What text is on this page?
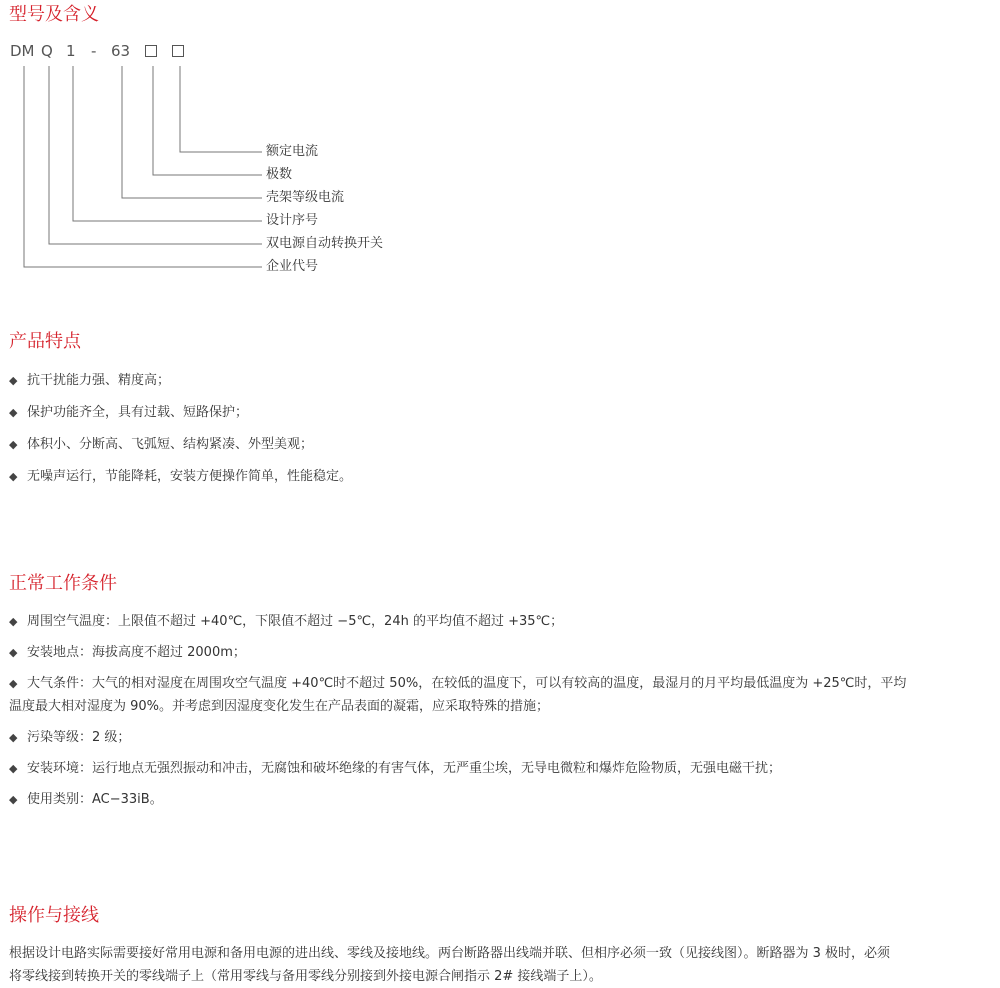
型号及含义
DM Q 1 - 63
额定电流
极数
壳架等级电流
设计序号
双电源自动转换开关
企业代号
产品特点
◆ 抗干扰能力强、精度高；
◆ 保护功能齐全，具有过载、短路保护；
◆ 体积小、分断高、飞弧短、结构紧凑、外型美观；
◆ 无噪声运行，节能降耗，安装方便操作简单，性能稳定。
正常工作条件
◆ 周围空气温度：上限值不超过 +40℃，下限值不超过 −5℃，24h 的平均值不超过 +35℃；
◆ 安装地点：海拔高度不超过 2000m；
◆ 大气条件：大气的相对湿度在周围攻空气温度 +40℃时不超过 50%，在较低的温度下，可以有较高的温度，最湿月的月平均最低温度为 +25℃时，平均
温度最大相对湿度为 90%。并考虑到因湿度变化发生在产品表面的凝霜，应采取特殊的措施；
◆ 污染等级：2 级；
◆ 安装环境：运行地点无强烈振动和冲击，无腐蚀和破坏绝缘的有害气体，无严重尘埃，无导电微粒和爆炸危险物质，无强电磁干扰；
◆ 使用类别：AC−33iB。
操作与接线
根据设计电路实际需要接好常用电源和备用电源的进出线、零线及接地线。两台断路器出线端并联、但相序必须一致（见接线图）。断路器为 3 极时，必须
将零线接到转换开关的零线端子上（常用零线与备用零线分别接到外接电源合闸指示 2# 接线端子上）。
